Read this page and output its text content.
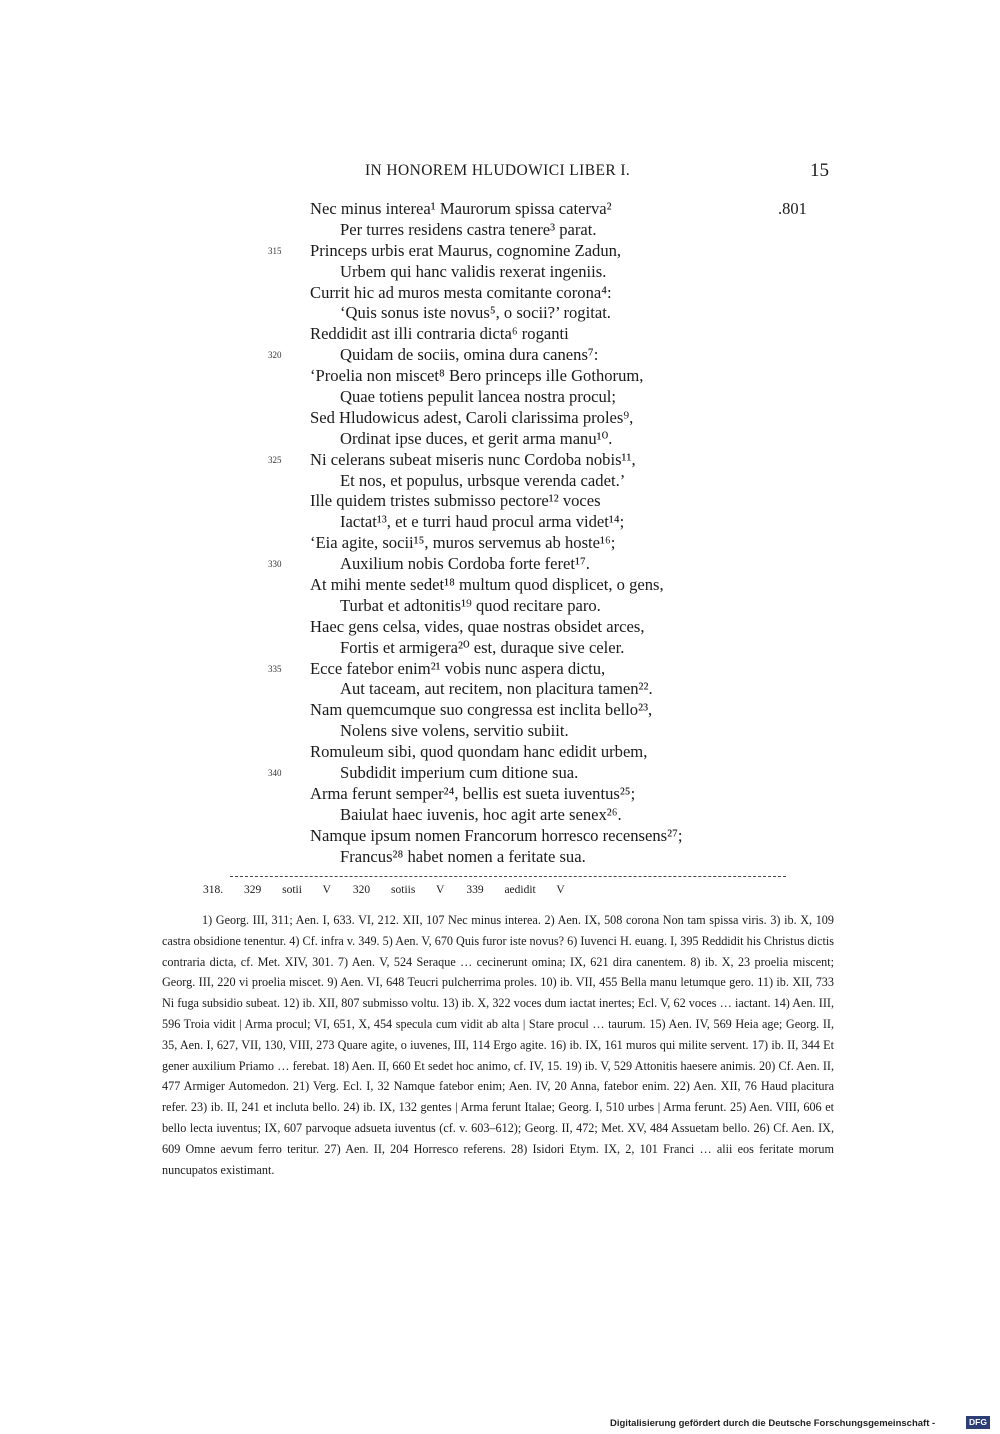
IN HONOREM HLUDOWICI LIBER I.	15
.801
Nec minus interea¹ Maurorum spissa caterva²
Per turres residens castra tenere³ parat.
Princeps urbis erat Maurus, cognomine Zadun,
315
Urbem qui hanc validis rexerat ingeniis.
Currit hic ad muros mesta comitante corona⁴:
‘Quis sonus iste novus⁵, o socii?’ rogitat.
Reddidit ast illi contraria dicta⁶ roganti
Quidam de sociis, omina dura canens⁷:
320
‘Proelia non miscet⁸ Bero princeps ille Gothorum,
Quae totiens pepulit lancea nostra procul;
Sed Hludowicus adest, Caroli clarissima proles⁹,
Ordinat ipse duces, et gerit arma manu¹⁰.
Ni celerans subeat miseris nunc Cordoba nobis¹¹,
325
Et nos, et populus, urbsque verenda cadet.’
Ille quidem tristes submisso pectore¹² voces
Iactat¹³, et e turri haud procul arma videt¹⁴;
‘Eia agite, socii¹⁵, muros servemus ab hoste¹⁶;
Auxilium nobis Cordoba forte feret¹⁷.
330
At mihi mente sedet¹⁸ multum quod displicet, o gens,
Turbat et adtonitis¹⁹ quod recitare paro.
Haec gens celsa, vides, quae nostras obsidet arces,
Fortis et armigera²⁰ est, duraque sive celer.
Ecce fatebor enim²¹ vobis nunc aspera dictu,
335
Aut taceam, aut recitem, non placitura tamen²².
Nam quemcumque suo congressa est inclita bello²³,
Nolens sive volens, servitio subiit.
Romuleum sibi, quod quondam hanc edidit urbem,
Subdidit imperium cum ditione sua.
340
Arma ferunt semper²⁴, bellis est sueta iuventus²⁵;
Baiulat haec iuvenis, hoc agit arte senex²⁶.
Namque ipsum nomen Francorum horresco recensens²⁷;
Francus²⁸ habet nomen a feritate sua.
318. 329 sotii V 320 sotiis V 339 aedidit V

1) Georg. III, 311; Aen. I, 633. VI, 212. XII, 107 Nec minus interea. 2) Aen. IX, 508 corona Non tam spissa viris. 3) ib. X, 109 castra obsidione tenentur. 4) Cf. infra v. 349. 5) Aen. V, 670 Quis furor iste novus? 6) Iuvenci H. euang. I, 395 Reddidit his Christus dictis contraria dicta, cf. Met. XIV, 301. 7) Aen. V, 524 Seraque … cecinerunt omina; IX, 621 dira canentem. 8) ib. X, 23 proelia miscent; Georg. III, 220 vi proelia miscet. 9) Aen. VI, 648 Teucri pulcherrima proles. 10) ib. VII, 455 Bella manu letumque gero. 11) ib. XII, 733 Ni fuga subsidio subeat. 12) ib. XII, 807 submisso voltu. 13) ib. X, 322 voces dum iactat inertes; Ecl. V, 62 voces … iactant. 14) Aen. III, 596 Troia vidit | Arma procul; VI, 651, X, 454 specula cum vidit ab alta | Stare procul … taurum. 15) Aen. IV, 569 Heia age; Georg. II, 35, Aen. I, 627, VII, 130, VIII, 273 Quare agite, o iuvenes, III, 114 Ergo agite. 16) ib. IX, 161 muros qui milite servent. 17) ib. II, 344 Et gener auxilium Priamo … ferebat. 18) Aen. II, 660 Et sedet hoc animo, cf. IV, 15. 19) ib. V, 529 Attonitis haesere animis. 20) Cf. Aen. II, 477 Armiger Automedon. 21) Verg. Ecl. I, 32 Namque fatebor enim; Aen. IV, 20 Anna, fatebor enim. 22) Aen. XII, 76 Haud placitura refer. 23) ib. II, 241 et incluta bello. 24) ib. IX, 132 gentes | Arma ferunt Italae; Georg. I, 510 urbes | Arma ferunt. 25) Aen. VIII, 606 et bello lecta iuventus; IX, 607 parvoque adsueta iuventus (cf. v. 603–612); Georg. II, 472; Met. XV, 484 Assuetam bello. 26) Cf. Aen. IX, 609 Omne aevum ferro teritur. 27) Aen. II, 204 Horresco referens. 28) Isidori Etym. IX, 2, 101 Franci … alii eos feritate morum nuncupatos existimant.

Digitalisierung gefördert durch die Deutsche Forschungsgemeinschaft -	DFG
